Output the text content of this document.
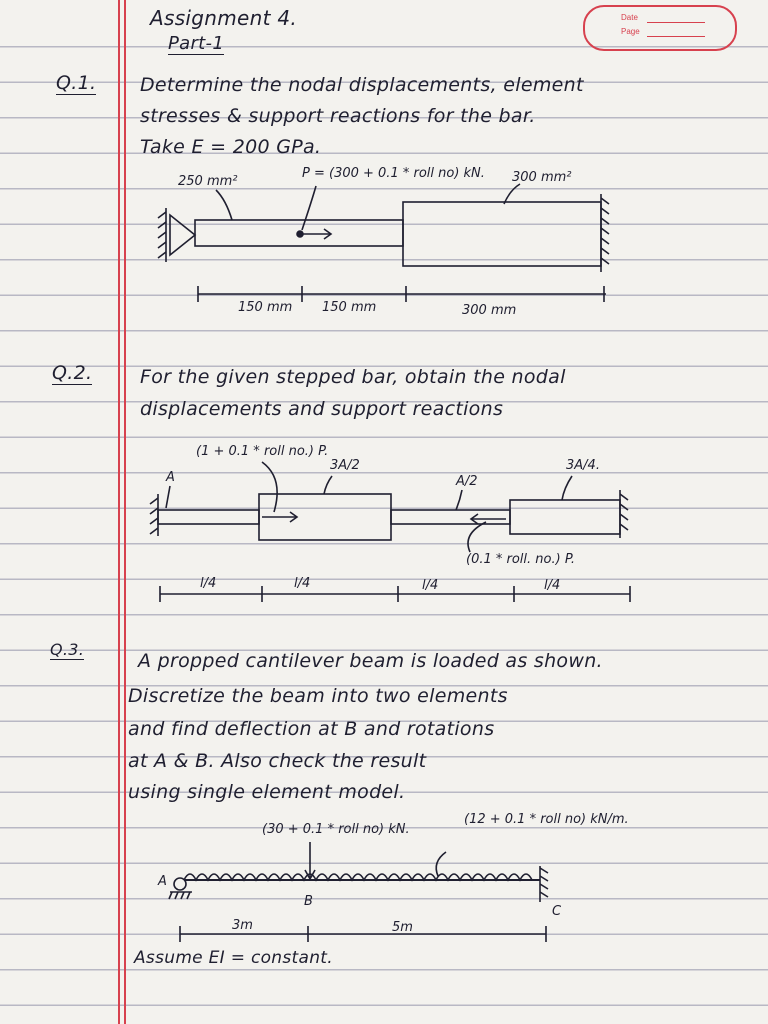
Date
Page
Assignment 4.
Part-1
Q.1. Determine the nodal displacements, element
stresses & support reactions for the bar.
Take E = 200 GPa.
250 mm²
P = (300 + 0.1 * roll no) kN. 300 mm²
150 mm 150 mm	300 mm
Q.2.	For the given stepped bar, obtain the nodal
displacements and support reactions
(1 + 0.1 * roll no.) P.
A
3A/2
A/2
3A/4.
(0.1 * roll. no.) P.
l/4	l/4	l/4	l/4
Q.3.
A propped cantilever beam is loaded as shown.
Discretize the beam into two elements
and find deflection at B and rotations
at A & B. Also check the result
using single element model.
(30 + 0.1 * roll no) kN.
(12 + 0.1 * roll no) kN/m.
A
B
C
3m	5m
Assume EI = constant.
